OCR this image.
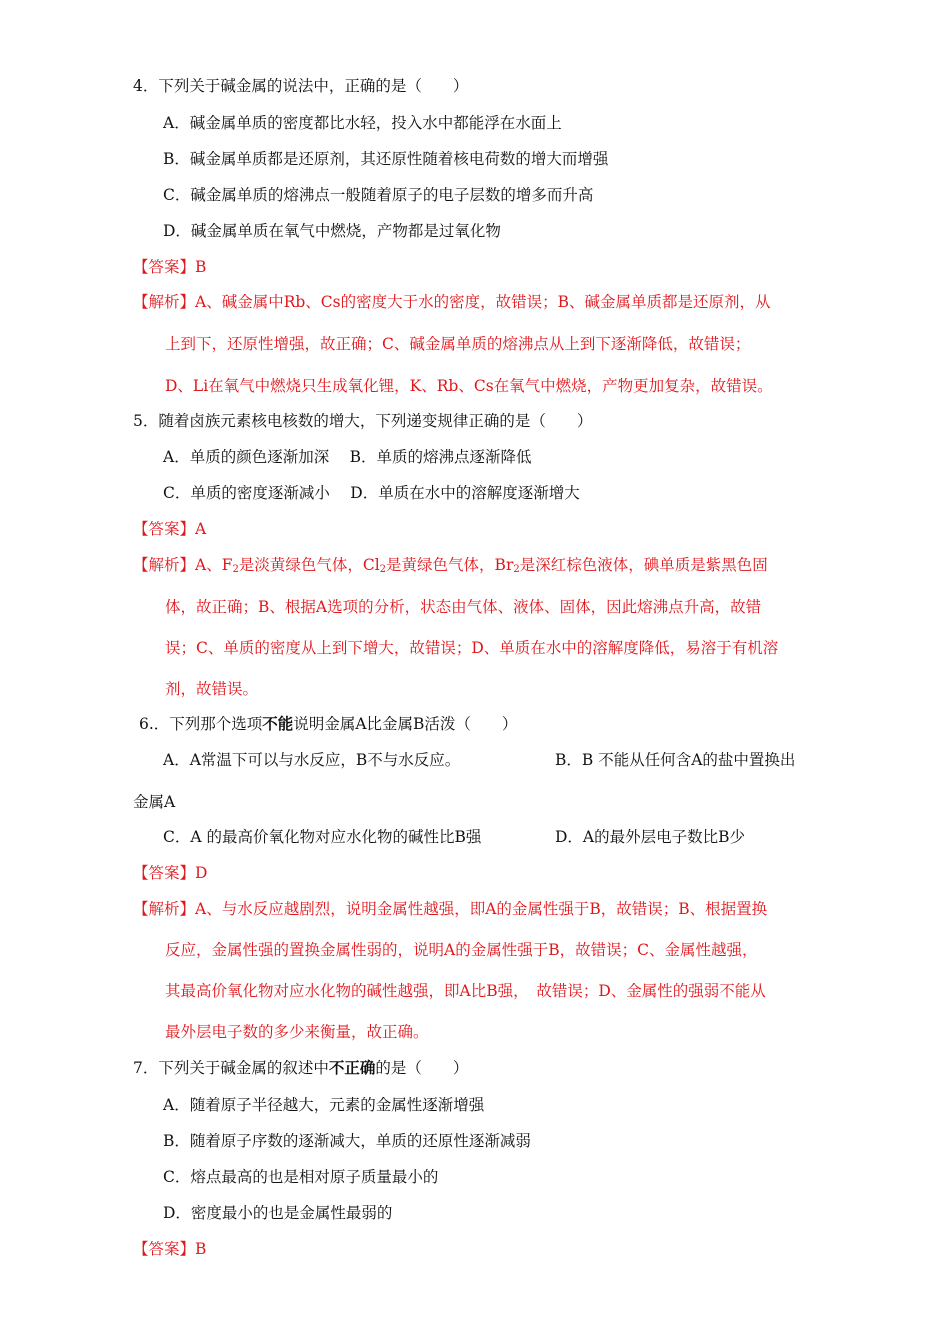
4．下列关于碱金属的说法中，正确的是（　　）
A．碱金属单质的密度都比水轻，投入水中都能浮在水面上
B．碱金属单质都是还原剂，其还原性随着核电荷数的增大而增强
C．碱金属单质的熔沸点一般随着原子的电子层数的增多而升高
D．碱金属单质在氧气中燃烧，产物都是过氧化物
【答案】B
【解析】A、碱金属中Rb、Cs的密度大于水的密度，故错误；B、碱金属单质都是还原剂，从
上到下，还原性增强，故正确；C、碱金属单质的熔沸点从上到下逐渐降低，故错误；
D、Li在氧气中燃烧只生成氧化锂，K、Rb、Cs在氧气中燃烧，产物更加复杂，故错误。
5．随着卤族元素核电核数的增大，下列递变规律正确的是（　　）
A．单质的颜色逐渐加深　 B．单质的熔沸点逐渐降低
C．单质的密度逐渐减小　 D．单质在水中的溶解度逐渐增大
【答案】A
【解析】A、$F_2$是淡黄绿色气体，$Cl_2$是黄绿色气体，$Br_2$是深红棕色液体，碘单质是紫黑色固
体，故正确；B、根据A选项的分析，状态由气体、液体、固体，因此熔沸点升高，故错
误；C、单质的密度从上到下增大，故错误；D、单质在水中的溶解度降低，易溶于有机溶
剂，故错误。
6.．下列那个选项不能说明金属A比金属B活泼（　　）
A．A常温下可以与水反应，B不与水反应。	B．B 不能从任何含A的盐中置换出
金属A
C．A 的最高价氧化物对应水化物的碱性比B强	D．A的最外层电子数比B少
【答案】D
【解析】A、与水反应越剧烈，说明金属性越强，即A的金属性强于B，故错误；B、根据置换
反应，金属性强的置换金属性弱的，说明A的金属性强于B，故错误；C、金属性越强，
其最高价氧化物对应水化物的碱性越强，即A比B强，　故错误；D、金属性的强弱不能从
最外层电子数的多少来衡量，故正确。
7．下列关于碱金属的叙述中不正确的是（　　）
A．随着原子半径越大，元素的金属性逐渐增强
B．随着原子序数的逐渐减大，单质的还原性逐渐减弱
C．熔点最高的也是相对原子质量最小的
D．密度最小的也是金属性最弱的
【答案】B
